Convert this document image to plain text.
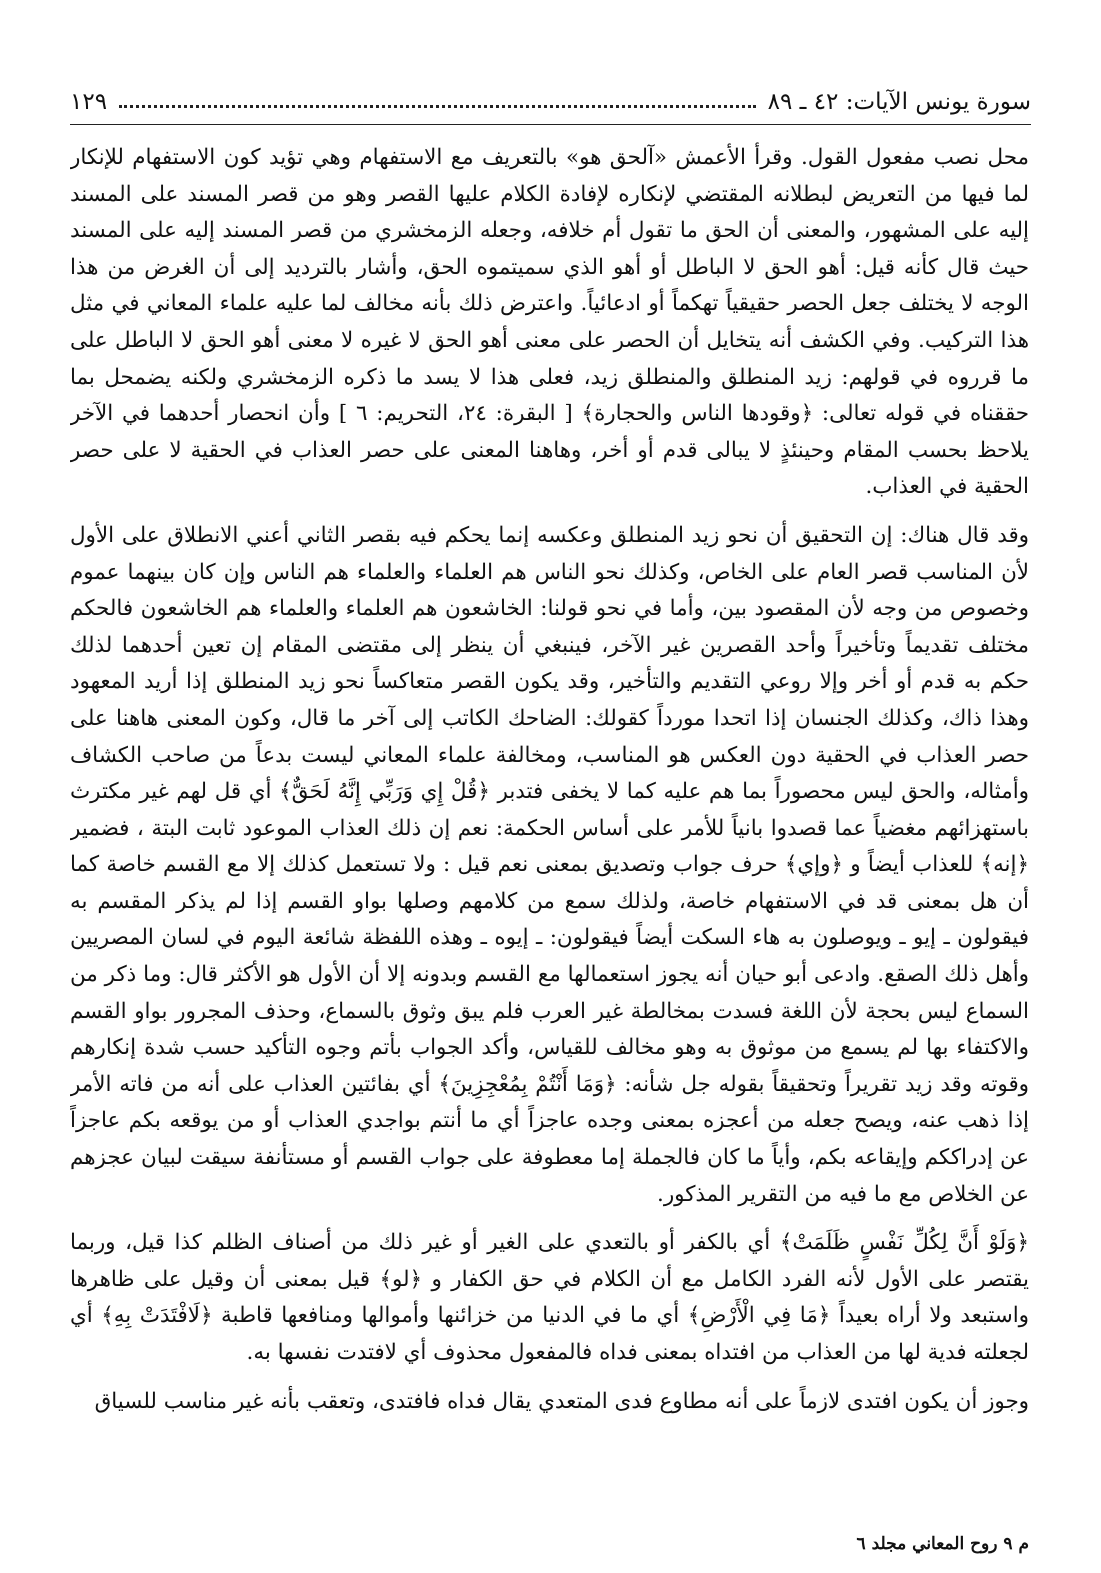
سورة يونس الآيات: ٤٢ ـ ٨٩
١٢٩

محل نصب مفعول القول. وقرأ الأعمش «آلحق هو» بالتعريف مع الاستفهام وهي تؤيد كون الاستفهام للإنكار لما فيها من التعريض لبطلانه المقتضي لإنكاره لإفادة الكلام عليها القصر وهو من قصر المسند على المسند إليه على المشهور، والمعنى أن الحق ما تقول أم خلافه، وجعله الزمخشري من قصر المسند إليه على المسند حيث قال كأنه قيل: أهو الحق لا الباطل أو أهو الذي سميتموه الحق، وأشار بالترديد إلى أن الغرض من هذا الوجه لا يختلف جعل الحصر حقيقياً تهكماً أو ادعائياً. واعترض ذلك بأنه مخالف لما عليه علماء المعاني في مثل هذا التركيب. وفي الكشف أنه يتخايل أن الحصر على معنى أهو الحق لا غيره لا معنى أهو الحق لا الباطل على ما قرروه في قولهم: زيد المنطلق والمنطلق زيد، فعلى هذا لا يسد ما ذكره الزمخشري ولكنه يضمحل بما حققناه في قوله تعالى: ﴿وقودها الناس والحجارة﴾ [ البقرة: ٢٤، التحريم: ٦ ] وأن انحصار أحدهما في الآخر يلاحظ بحسب المقام وحينئذٍ لا يبالى قدم أو أخر، وهاهنا المعنى على حصر العذاب في الحقية لا على حصر الحقية في العذاب.

وقد قال هناك: إن التحقيق أن نحو زيد المنطلق وعكسه إنما يحكم فيه بقصر الثاني أعني الانطلاق على الأول لأن المناسب قصر العام على الخاص، وكذلك نحو الناس هم العلماء والعلماء هم الناس وإن كان بينهما عموم وخصوص من وجه لأن المقصود بين، وأما في نحو قولنا: الخاشعون هم العلماء والعلماء هم الخاشعون فالحكم مختلف تقديماً وتأخيراً وأحد القصرين غير الآخر، فينبغي أن ينظر إلى مقتضى المقام إن تعين أحدهما لذلك حكم به قدم أو أخر وإلا روعي التقديم والتأخير، وقد يكون القصر متعاكساً نحو زيد المنطلق إذا أريد المعهود وهذا ذاك، وكذلك الجنسان إذا اتحدا مورداً كقولك: الضاحك الكاتب إلى آخر ما قال، وكون المعنى هاهنا على حصر العذاب في الحقية دون العكس هو المناسب، ومخالفة علماء المعاني ليست بدعاً من صاحب الكشاف وأمثاله، والحق ليس محصوراً بما هم عليه كما لا يخفى فتدبر ﴿قُلْ إِي وَرَبِّي إِنَّهُ لَحَقٌّ﴾ أي قل لهم غير مكترث باستهزائهم مغضياً عما قصدوا بانياً للأمر على أساس الحكمة: نعم إن ذلك العذاب الموعود ثابت البتة ، فضمير ﴿إنه﴾ للعذاب أيضاً و ﴿وإي﴾ حرف جواب وتصديق بمعنى نعم قيل : ولا تستعمل كذلك إلا مع القسم خاصة كما أن هل بمعنى قد في الاستفهام خاصة، ولذلك سمع من كلامهم وصلها بواو القسم إذا لم يذكر المقسم به فيقولون ـ إيو ـ ويوصلون به هاء السكت أيضاً فيقولون: ـ إيوه ـ وهذه اللفظة شائعة اليوم في لسان المصريين وأهل ذلك الصقع. وادعى أبو حيان أنه يجوز استعمالها مع القسم وبدونه إلا أن الأول هو الأكثر قال: وما ذكر من السماع ليس بحجة لأن اللغة فسدت بمخالطة غير العرب فلم يبق وثوق بالسماع، وحذف المجرور بواو القسم والاكتفاء بها لم يسمع من موثوق به وهو مخالف للقياس، وأكد الجواب بأتم وجوه التأكيد حسب شدة إنكارهم وقوته وقد زيد تقريراً وتحقيقاً بقوله جل شأنه: ﴿وَمَا أَنْتُمْ بِمُعْجِزِينَ﴾ أي بفائتين العذاب على أنه من فاته الأمر إذا ذهب عنه، ويصح جعله من أعجزه بمعنى وجده عاجزاً أي ما أنتم بواجدي العذاب أو من يوقعه بكم عاجزاً عن إدراككم وإيقاعه بكم، وأياً ما كان فالجملة إما معطوفة على جواب القسم أو مستأنفة سيقت لبيان عجزهم عن الخلاص مع ما فيه من التقرير المذكور.

﴿وَلَوْ أَنَّ لِكُلِّ نَفْسٍ ظَلَمَتْ﴾ أي بالكفر أو بالتعدي على الغير أو غير ذلك من أصناف الظلم كذا قيل، وربما يقتصر على الأول لأنه الفرد الكامل مع أن الكلام في حق الكفار و ﴿لو﴾ قيل بمعنى أن وقيل على ظاهرها واستبعد ولا أراه بعيداً ﴿مَا فِي الْأَرْضِ﴾ أي ما في الدنيا من خزائنها وأموالها ومنافعها قاطبة ﴿لَافْتَدَتْ بِهِ﴾ أي لجعلته فدية لها من العذاب من افتداه بمعنى فداه فالمفعول محذوف أي لافتدت نفسها به.

وجوز أن يكون افتدى لازماً على أنه مطاوع فدى المتعدي يقال فداه فافتدى، وتعقب بأنه غير مناسب للسياق

م ٩ روح المعاني مجلد ٦
